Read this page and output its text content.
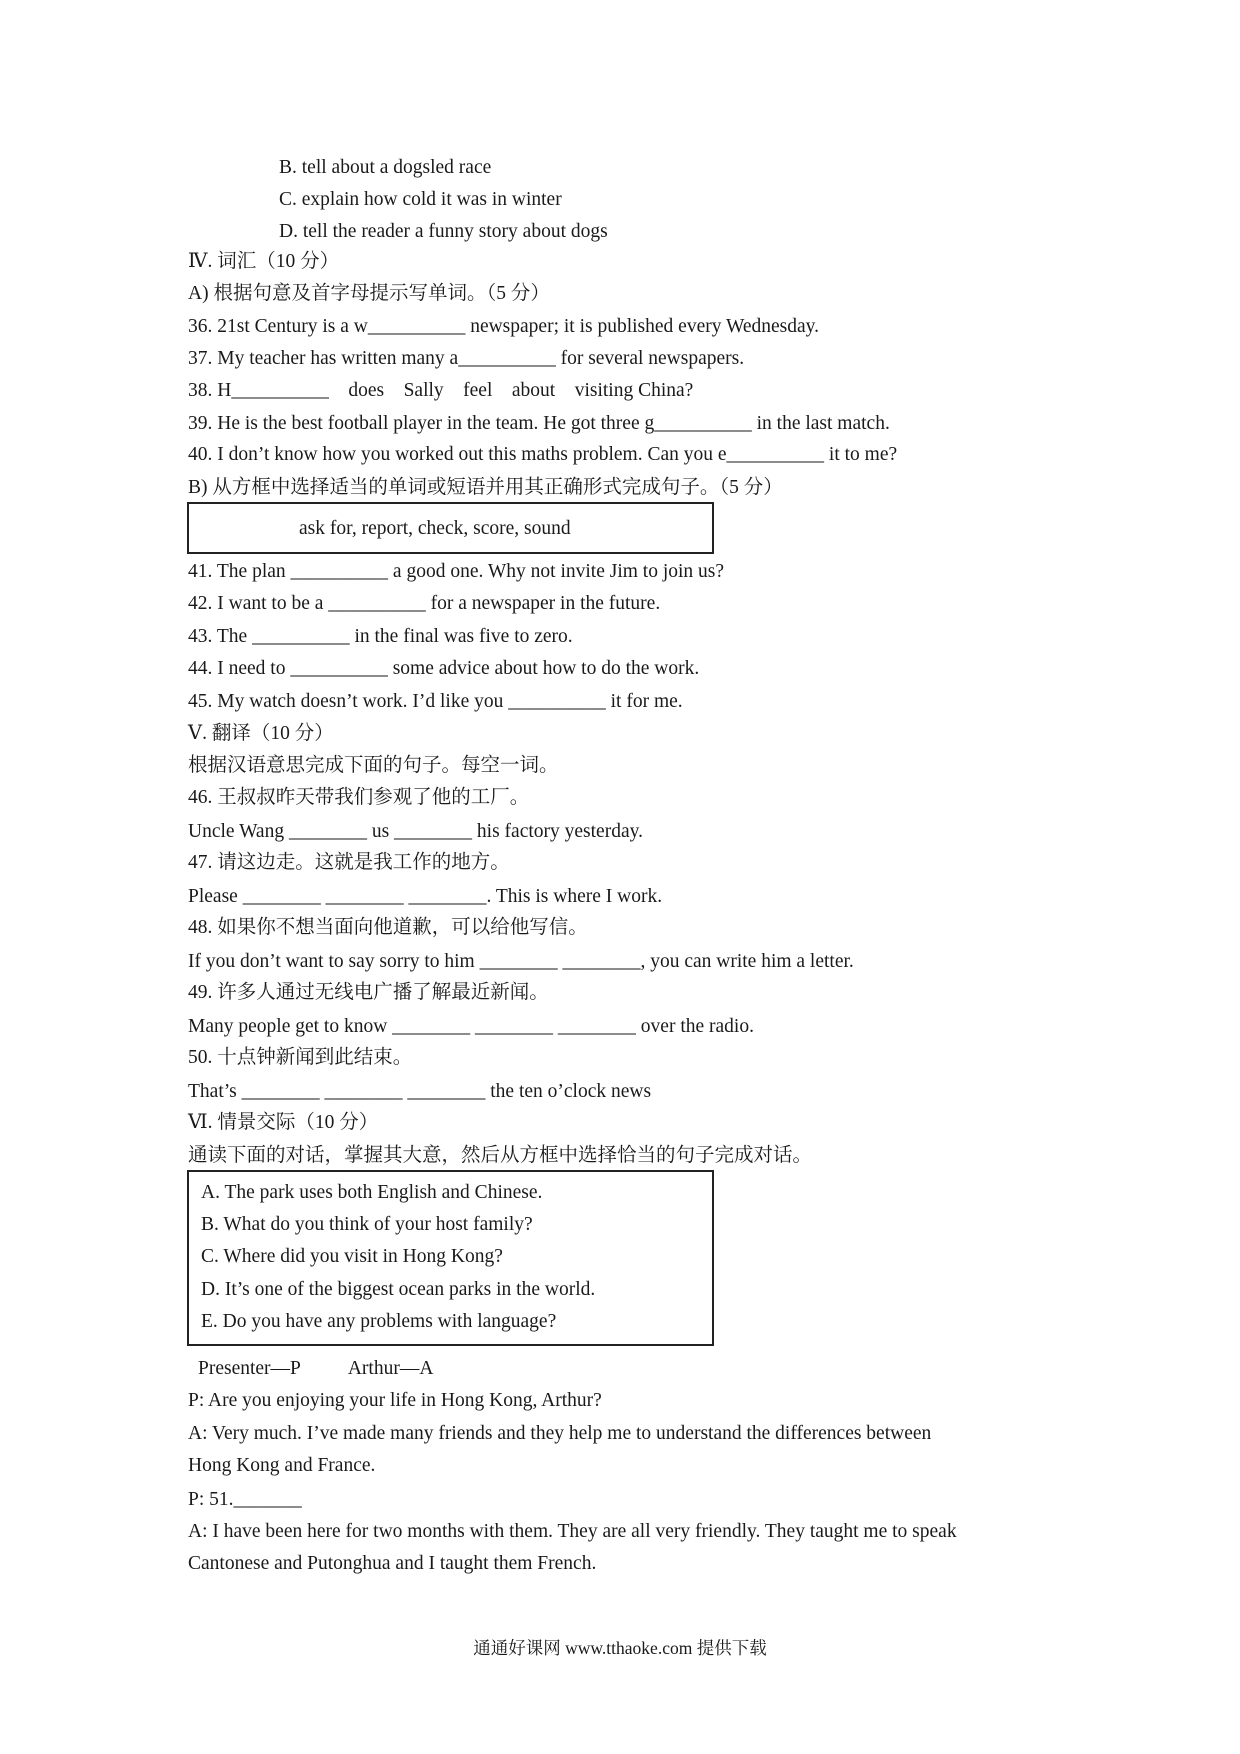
B. tell about a dogsled race
C. explain how cold it was in winter
D. tell the reader a funny story about dogs
Ⅳ. 词汇（10 分）
A) 根据句意及首字母提示写单词。（5 分）
36. 21st Century is a w__________ newspaper; it is published every Wednesday.
37. My teacher has written many a__________ for several newspapers.
38. H__________    does    Sally    feel    about    visiting China?
39. He is the best football player in the team. He got three g__________ in the last match.
40. I don’t know how you worked out this maths problem. Can you e__________ it to me?
B) 从方框中选择适当的单词或短语并用其正确形式完成句子。（5 分）
ask for, report, check, score, sound
41. The plan __________ a good one. Why not invite Jim to join us?
42. I want to be a __________ for a newspaper in the future.
43. The __________ in the final was five to zero.
44. I need to __________ some advice about how to do the work.
45. My watch doesn’t work. I’d like you __________ it for me.
Ⅴ. 翻译（10 分）
根据汉语意思完成下面的句子。每空一词。
46. 王叔叔昨天带我们参观了他的工厂。
Uncle Wang ________ us ________ his factory yesterday.
47. 请这边走。这就是我工作的地方。
Please ________ ________ ________. This is where I work.
48. 如果你不想当面向他道歉，可以给他写信。
If you don’t want to say sorry to him ________ ________, you can write him a letter.
49. 许多人通过无线电广播了解最近新闻。
Many people get to know ________ ________ ________ over the radio.
50. 十点钟新闻到此结束。
That’s ________ ________ ________ the ten o’clock news
Ⅵ. 情景交际（10 分）
通读下面的对话，掌握其大意，然后从方框中选择恰当的句子完成对话。
A. The park uses both English and Chinese.
B. What do you think of your host family?
C. Where did you visit in Hong Kong?
D. It’s one of the biggest ocean parks in the world.
E. Do you have any problems with language?
Presenter—P          Arthur—A
P: Are you enjoying your life in Hong Kong, Arthur?
A: Very much. I’ve made many friends and they help me to understand the differences between
Hong Kong and France.
P: 51._______
A: I have been here for two months with them. They are all very friendly. They taught me to speak
Cantonese and Putonghua and I taught them French.
通通好课网 www.tthaoke.com 提供下载
